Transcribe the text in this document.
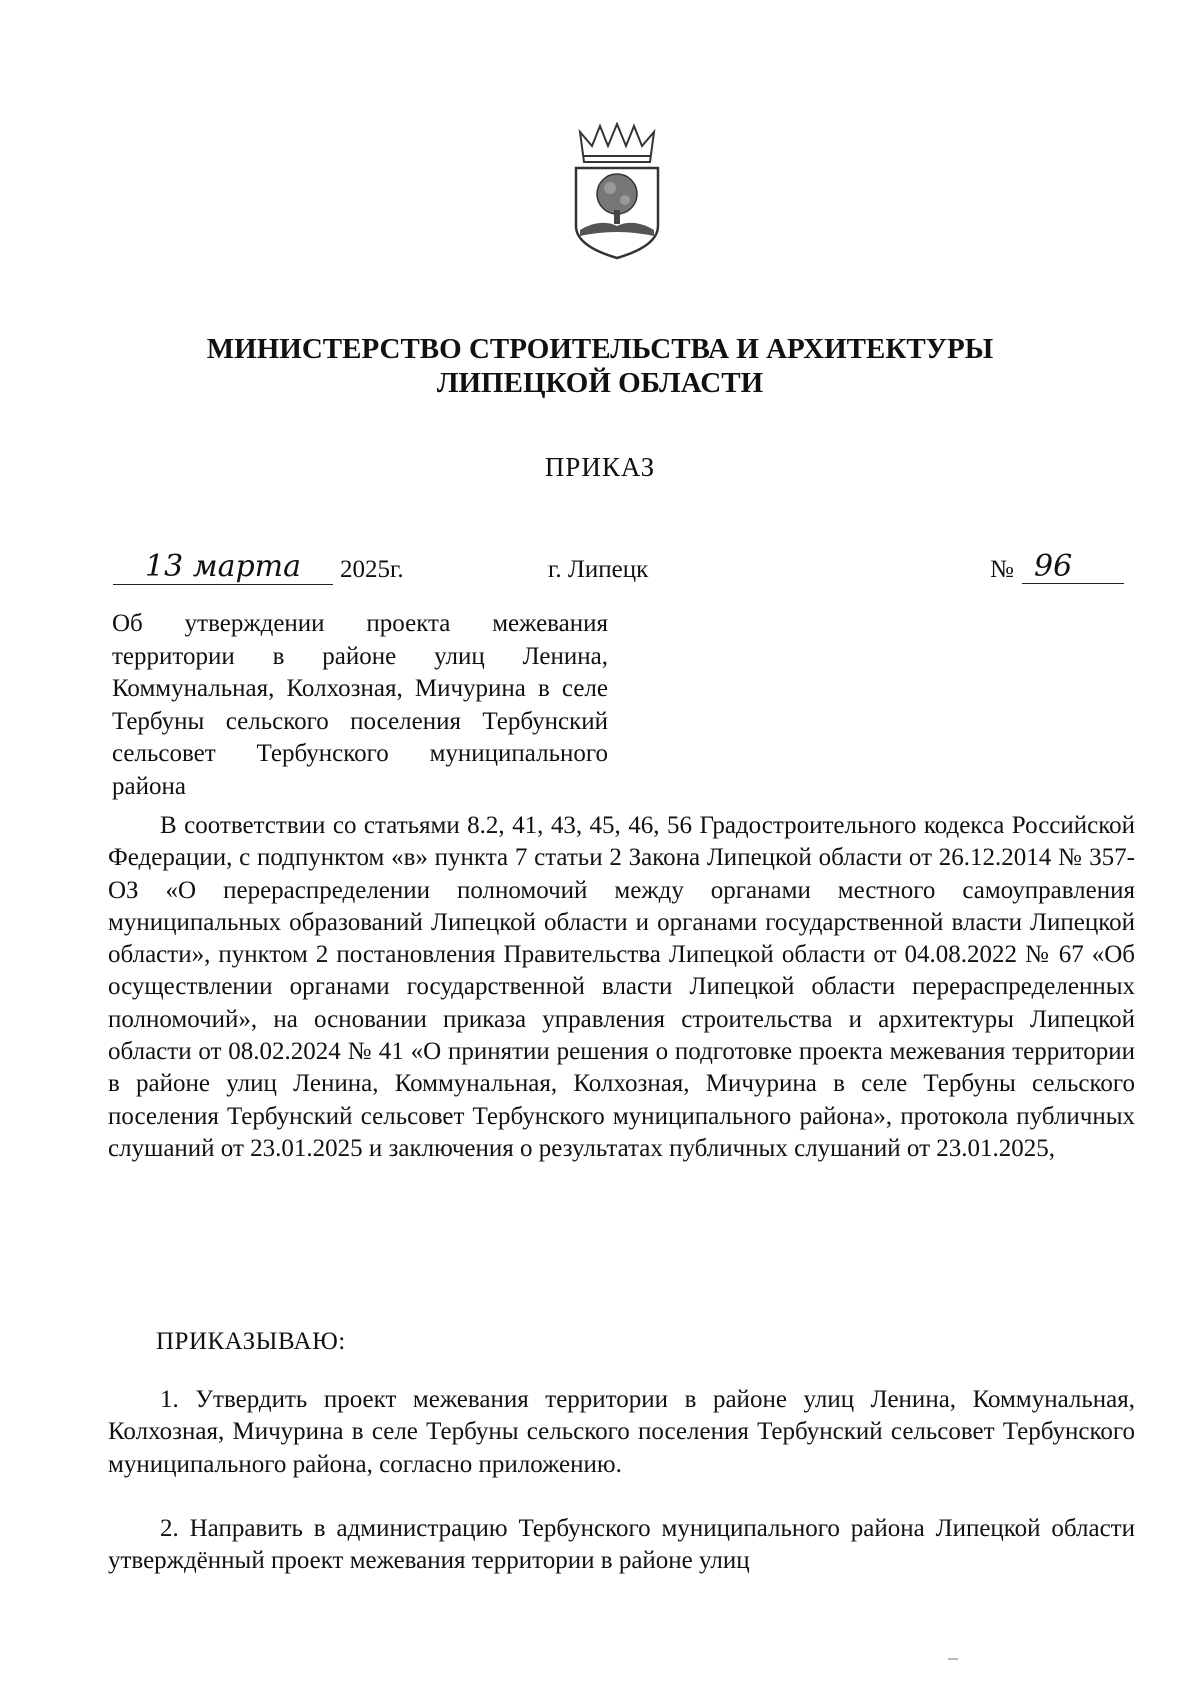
МИНИСТЕРСТВО СТРОИТЕЛЬСТВА И АРХИТЕКТУРЫ
ЛИПЕЦКОЙ ОБЛАСТИ
ПРИКАЗ
13 марта	2025г.	г. Липецк	№ 96
Об утверждении проекта межевания территории в районе улиц Ленина, Коммунальная, Колхозная, Мичурина в селе Тербуны сельского поселения Тербунский сельсовет Тербунского муниципального района
В соответствии со статьями 8.2, 41, 43, 45, 46, 56 Градостроительного кодекса Российской Федерации, с подпунктом «в» пункта 7 статьи 2 Закона Липецкой области от 26.12.2014 № 357-ОЗ «О перераспределении полномочий между органами местного самоуправления муниципальных образований Липецкой области и органами государственной власти Липецкой области», пунктом 2 постановления Правительства Липецкой области от 04.08.2022 № 67 «Об осуществлении органами государственной власти Липецкой области перераспределенных полномочий», на основании приказа управления строительства и архитектуры Липецкой области от 08.02.2024 № 41 «О принятии решения о подготовке проекта межевания территории в районе улиц Ленина, Коммунальная, Колхозная, Мичурина в селе Тербуны сельского поселения Тербунский сельсовет Тербунского муниципального района», протокола публичных слушаний от 23.01.2025 и заключения о результатах публичных слушаний от 23.01.2025,
ПРИКАЗЫВАЮ:
1. Утвердить проект межевания территории в районе улиц Ленина, Коммунальная, Колхозная, Мичурина в селе Тербуны сельского поселения Тербунский сельсовет Тербунского муниципального района, согласно приложению.
2. Направить в администрацию Тербунского муниципального района Липецкой области утверждённый проект межевания территории в районе улиц
